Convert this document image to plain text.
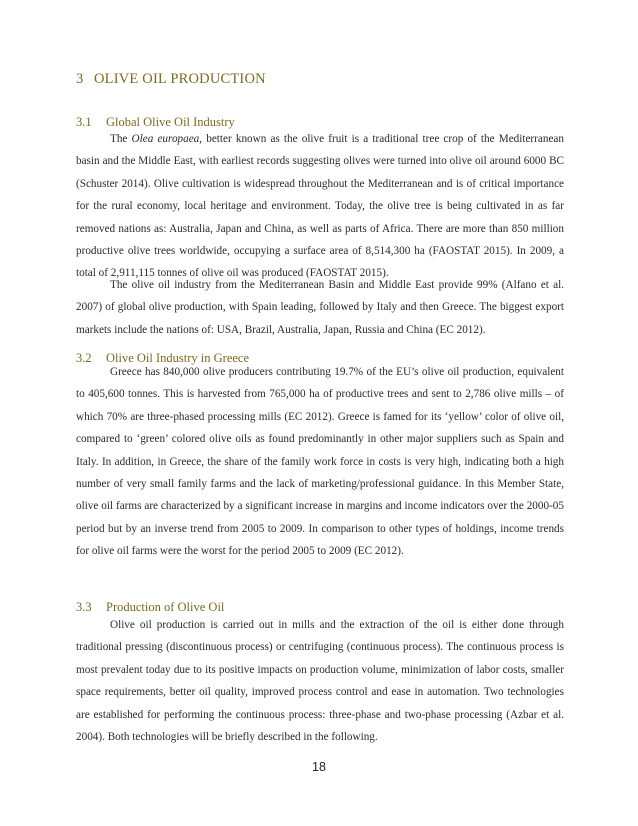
3 OLIVE OIL PRODUCTION
3.1 Global Olive Oil Industry

The Olea europaea, better known as the olive fruit is a traditional tree crop of the Mediterranean basin and the Middle East, with earliest records suggesting olives were turned into olive oil around 6000 BC (Schuster 2014). Olive cultivation is widespread throughout the Mediterranean and is of critical importance for the rural economy, local heritage and environment. Today, the olive tree is being cultivated in as far removed nations as: Australia, Japan and China, as well as parts of Africa. There are more than 850 million productive olive trees worldwide, occupying a surface area of 8,514,300 ha (FAOSTAT 2015). In 2009, a total of 2,911,115 tonnes of olive oil was produced (FAOSTAT 2015).

The olive oil industry from the Mediterranean Basin and Middle East provide 99% (Alfano et al. 2007) of global olive production, with Spain leading, followed by Italy and then Greece. The biggest export markets include the nations of: USA, Brazil, Australia, Japan, Russia and China (EC 2012).

3.2 Olive Oil Industry in Greece

Greece has 840,000 olive producers contributing 19.7% of the EU’s olive oil production, equivalent to 405,600 tonnes. This is harvested from 765,000 ha of productive trees and sent to 2,786 olive mills – of which 70% are three-phased processing mills (EC 2012). Greece is famed for its ‘yellow’ color of olive oil, compared to ‘green’ colored olive oils as found predominantly in other major suppliers such as Spain and Italy. In addition, in Greece, the share of the family work force in costs is very high, indicating both a high number of very small family farms and the lack of marketing/professional guidance. In this Member State, olive oil farms are characterized by a significant increase in margins and income indicators over the 2000-05 period but by an inverse trend from 2005 to 2009. In comparison to other types of holdings, income trends for olive oil farms were the worst for the period 2005 to 2009 (EC 2012).

3.3 Production of Olive Oil

Olive oil production is carried out in mills and the extraction of the oil is either done through traditional pressing (discontinuous process) or centrifuging (continuous process). The continuous process is most prevalent today due to its positive impacts on production volume, minimization of labor costs, smaller space requirements, better oil quality, improved process control and ease in automation. Two technologies are established for performing the continuous process: three-phase and two-phase processing (Azbar et al. 2004). Both technologies will be briefly described in the following.

18
